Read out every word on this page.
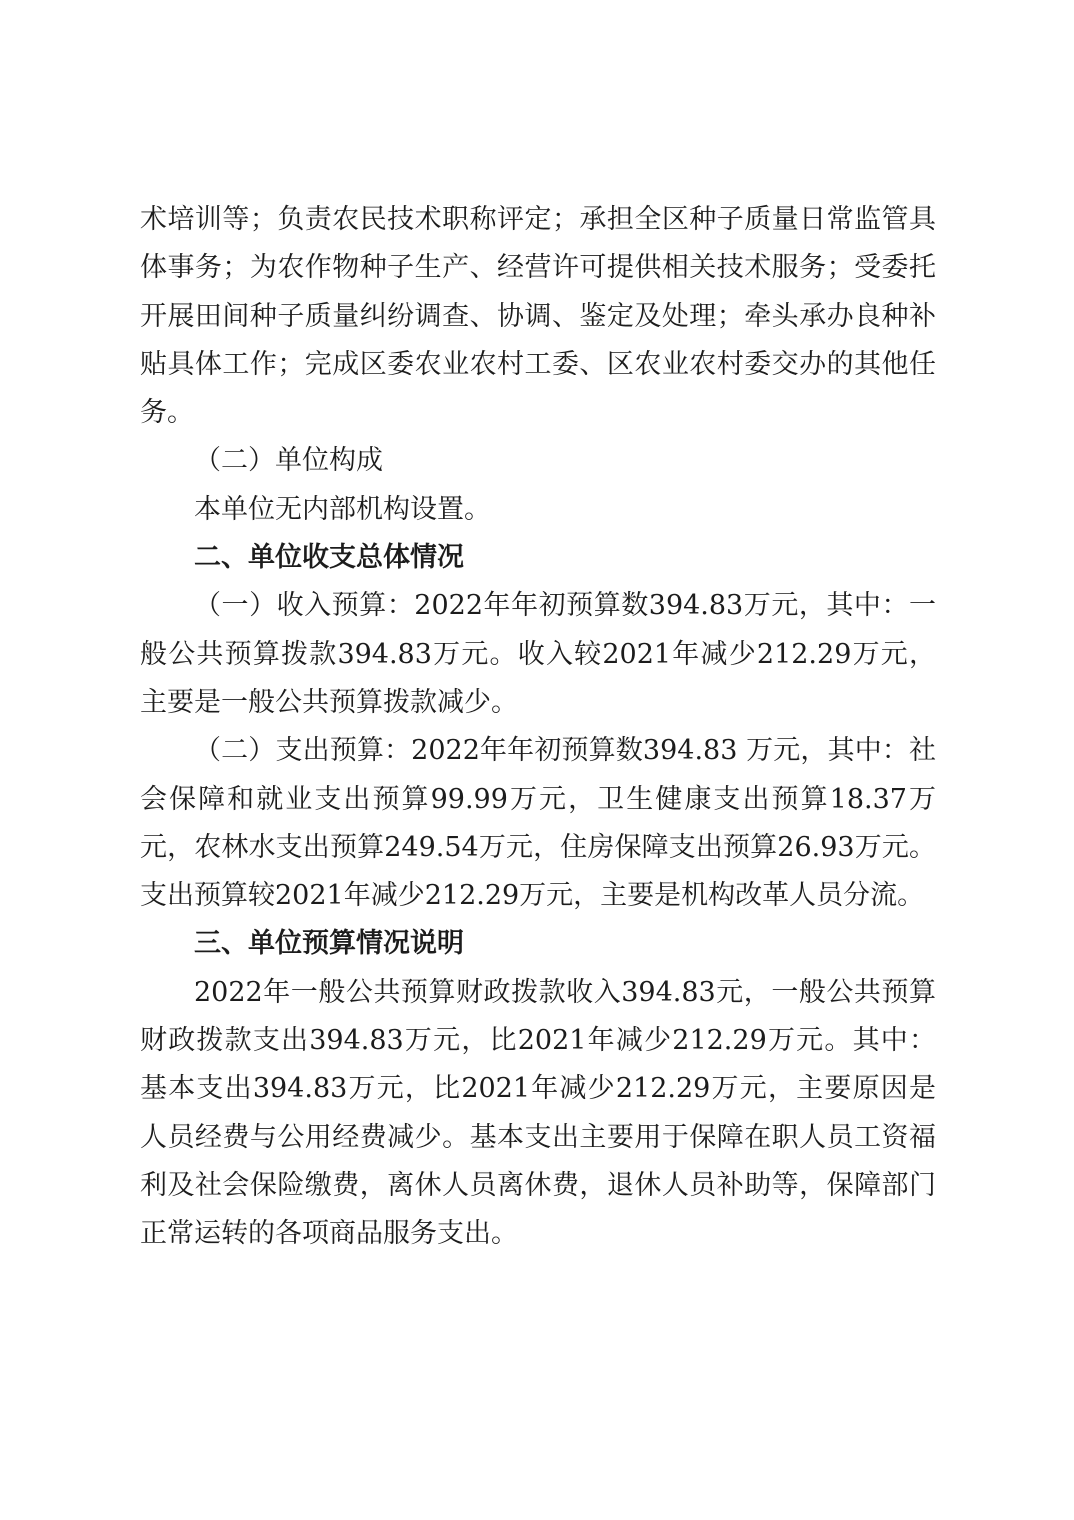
术培训等；负责农民技术职称评定；承担全区种子质量日常监管具体事务；为农作物种子生产、经营许可提供相关技术服务；受委托开展田间种子质量纠纷调查、协调、鉴定及处理；牵头承办良种补贴具体工作；完成区委农业农村工委、区农业农村委交办的其他任务。

（二）单位构成

本单位无内部机构设置。

二、单位收支总体情况

（一）收入预算：2022年年初预算数394.83万元，其中：一般公共预算拨款394.83万元。收入较2021年减少212.29万元，主要是一般公共预算拨款减少。

（二）支出预算：2022年年初预算数394.83 万元，其中：社会保障和就业支出预算99.99万元，卫生健康支出预算18.37万元，农林水支出预算249.54万元，住房保障支出预算26.93万元。支出预算较2021年减少212.29万元，主要是机构改革人员分流。

三、单位预算情况说明

2022年一般公共预算财政拨款收入394.83元，一般公共预算财政拨款支出394.83万元，比2021年减少212.29万元。其中：基本支出394.83万元，比2021年减少212.29万元，主要原因是人员经费与公用经费减少。基本支出主要用于保障在职人员工资福利及社会保险缴费，离休人员离休费，退休人员补助等，保障部门正常运转的各项商品服务支出。
